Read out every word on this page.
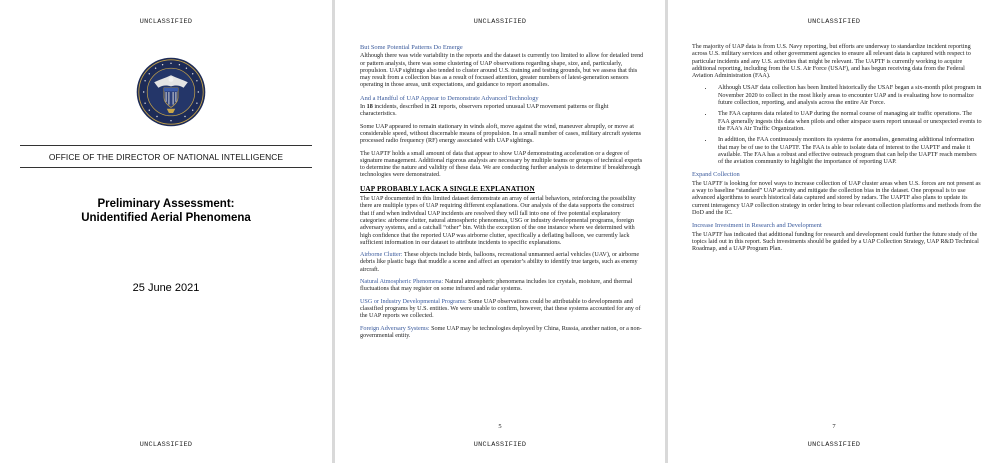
UNCLASSIFIED
OFFICE OF THE DIRECTOR OF NATIONAL INTELLIGENCE
Preliminary Assessment:
Unidentified Aerial Phenomena
25 June 2021
UNCLASSIFIED
UNCLASSIFIED
But Some Potential Patterns Do Emerge

Although there was wide variability in the reports and the dataset is currently too limited to allow for detailed trend or pattern analysis, there was some clustering of UAP observations regarding shape, size, and, particularly, propulsion. UAP sightings also tended to cluster around U.S. training and testing grounds, but we assess that this may result from a collection bias as a result of focused attention, greater numbers of latest-generation sensors operating in those areas, unit expectations, and guidance to report anomalies.

And a Handful of UAP Appear to Demonstrate Advanced Technology

In 18 incidents, described in 21 reports, observers reported unusual UAP movement patterns or flight characteristics.

Some UAP appeared to remain stationary in winds aloft, move against the wind, maneuver abruptly, or move at considerable speed, without discernable means of propulsion. In a small number of cases, military aircraft systems processed radio frequency (RF) energy associated with UAP sightings.

The UAPTF holds a small amount of data that appear to show UAP demonstrating acceleration or a degree of signature management. Additional rigorous analysis are necessary by multiple teams or groups of technical experts to determine the nature and validity of these data. We are conducting further analysis to determine if breakthrough technologies were demonstrated.

UAP PROBABLY LACK A SINGLE EXPLANATION

The UAP documented in this limited dataset demonstrate an array of aerial behaviors, reinforcing the possibility there are multiple types of UAP requiring different explanations. Our analysis of the data supports the construct that if and when individual UAP incidents are resolved they will fall into one of five potential explanatory categories: airborne clutter, natural atmospheric phenomena, USG or industry developmental programs, foreign adversary systems, and a catchall “other” bin. With the exception of the one instance where we determined with high confidence that the reported UAP was airborne clutter, specifically a deflating balloon, we currently lack sufficient information in our dataset to attribute incidents to specific explanations.

Airborne Clutter: These objects include birds, balloons, recreational unmanned aerial vehicles (UAV), or airborne debris like plastic bags that muddle a scene and affect an operator’s ability to identify true targets, such as enemy aircraft.

Natural Atmospheric Phenomena: Natural atmospheric phenomena includes ice crystals, moisture, and thermal fluctuations that may register on some infrared and radar systems.

USG or Industry Developmental Programs: Some UAP observations could be attributable to developments and classified programs by U.S. entities. We were unable to confirm, however, that these systems accounted for any of the UAP reports we collected.

Foreign Adversary Systems: Some UAP may be technologies deployed by China, Russia, another nation, or a non-governmental entity.

5
UNCLASSIFIED
UNCLASSIFIED

The majority of UAP data is from U.S. Navy reporting, but efforts are underway to standardize incident reporting across U.S. military services and other government agencies to ensure all relevant data is captured with respect to particular incidents and any U.S. activities that might be relevant. The UAPTF is currently working to acquire additional reporting, including from the U.S. Air Force (USAF), and has begun receiving data from the Federal Aviation Administration (FAA).

• Although USAF data collection has been limited historically the USAF began a six-month pilot program in November 2020 to collect in the most likely areas to encounter UAP and is evaluating how to normalize future collection, reporting, and analysis across the entire Air Force.
• The FAA captures data related to UAP during the normal course of managing air traffic operations. The FAA generally ingests this data when pilots and other airspace users report unusual or unexpected events to the FAA’s Air Traffic Organization.
• In addition, the FAA continuously monitors its systems for anomalies, generating additional information that may be of use to the UAPTF. The FAA is able to isolate data of interest to the UAPTF and make it available. The FAA has a robust and effective outreach program that can help the UAPTF reach members of the aviation community to highlight the importance of reporting UAP.
Expand Collection

The UAPTF is looking for novel ways to increase collection of UAP cluster areas when U.S. forces are not present as a way to baseline “standard” UAP activity and mitigate the collection bias in the dataset. One proposal is to use advanced algorithms to search historical data captured and stored by radars. The UAPTF also plans to update its current interagency UAP collection strategy in order bring to bear relevant collection platforms and methods from the DoD and the IC.

Increase Investment in Research and Development

The UAPTF has indicated that additional funding for research and development could further the future study of the topics laid out in this report. Such investments should be guided by a UAP Collection Strategy, UAP R&D Technical Roadmap, and a UAP Program Plan.

7
UNCLASSIFIED
